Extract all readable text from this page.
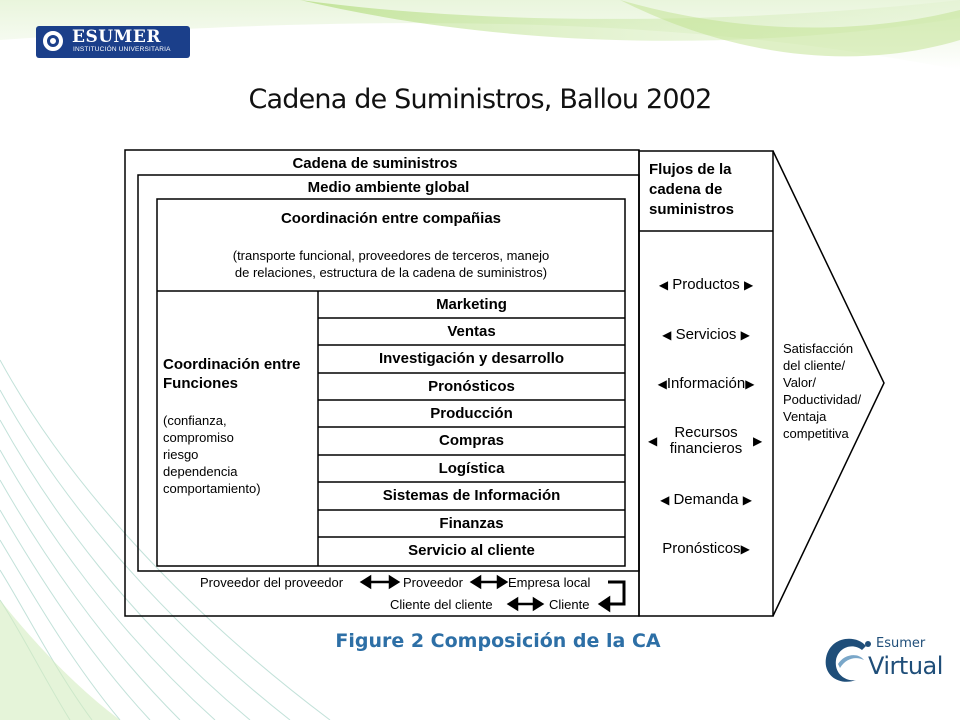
ESUMER
INSTITUCIÓN UNIVERSITARIA
Cadena de Suministros, Ballou 2002
Cadena de suministros
Medio ambiente global
Coordinación entre compañias
(transporte funcional, proveedores de terceros, manejo
de relaciones, estructura de la cadena de suministros)
Coordinación entre
Funciones
(confianza,
compromiso
riesgo
dependencia
comportamiento)
Marketing
Ventas
Investigación y desarrollo
Pronósticos
Producción
Compras
Logística
Sistemas de Información
Finanzas
Servicio al cliente
Flujos de la
cadena de
suministros
◀ Productos ▶
◀ Servicios ▶
◀Información▶
Recursos
financieros
◀	▶
◀ Demanda ▶
Pronósticos▶
Satisfacción
del cliente/
Valor/
Poductividad/
Ventaja
competitiva
Proveedor del proveedor	Proveedor	Empresa local
Cliente del cliente	Cliente
Figure 2 Composición de la CA	Esumer
Virtual
